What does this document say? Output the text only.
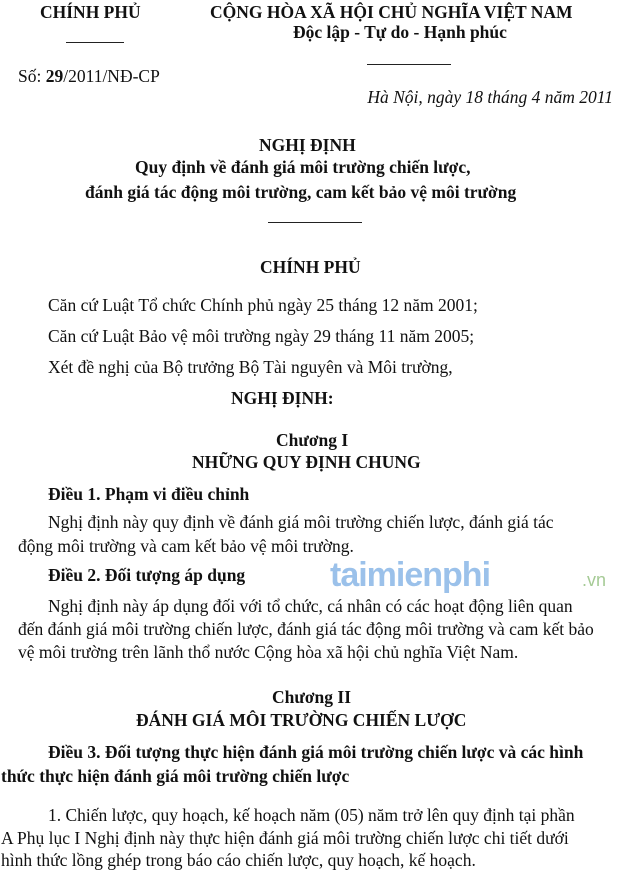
CHÍNH PHỦ	CỘNG HÒA XÃ HỘI CHỦ NGHĨA VIỆT NAM
Độc lập - Tự do - Hạnh phúc
Số: 29/2011/NĐ-CP
Hà Nội, ngày 18 tháng 4 năm 2011
NGHỊ ĐỊNH
Quy định về đánh giá môi trường chiến lược,
đánh giá tác động môi trường, cam kết bảo vệ môi trường
CHÍNH PHỦ
Căn cứ Luật Tổ chức Chính phủ ngày 25 tháng 12 năm 2001;
Căn cứ Luật Bảo vệ môi trường ngày 29 tháng 11 năm 2005;
Xét đề nghị của Bộ trưởng Bộ Tài nguyên và Môi trường,
NGHỊ ĐỊNH:
Chương I
NHỮNG QUY ĐỊNH CHUNG
Điều 1. Phạm vi điều chỉnh
Nghị định này quy định về đánh giá môi trường chiến lược, đánh giá tác
động môi trường và cam kết bảo vệ môi trường.
Điều 2. Đối tượng áp dụng
Nghị định này áp dụng đối với tổ chức, cá nhân có các hoạt động liên quan
đến đánh giá môi trường chiến lược, đánh giá tác động môi trường và cam kết bảo
vệ môi trường trên lãnh thổ nước Cộng hòa xã hội chủ nghĩa Việt Nam.
Chương II
ĐÁNH GIÁ MÔI TRƯỜNG CHIẾN LƯỢC
Điều 3. Đối tượng thực hiện đánh giá môi trường chiến lược và các hình
thức thực hiện đánh giá môi trường chiến lược
1. Chiến lược, quy hoạch, kế hoạch năm (05) năm trở lên quy định tại phần
A Phụ lục I Nghị định này thực hiện đánh giá môi trường chiến lược chi tiết dưới
hình thức lồng ghép trong báo cáo chiến lược, quy hoạch, kế hoạch.
taimienphi	.vn
